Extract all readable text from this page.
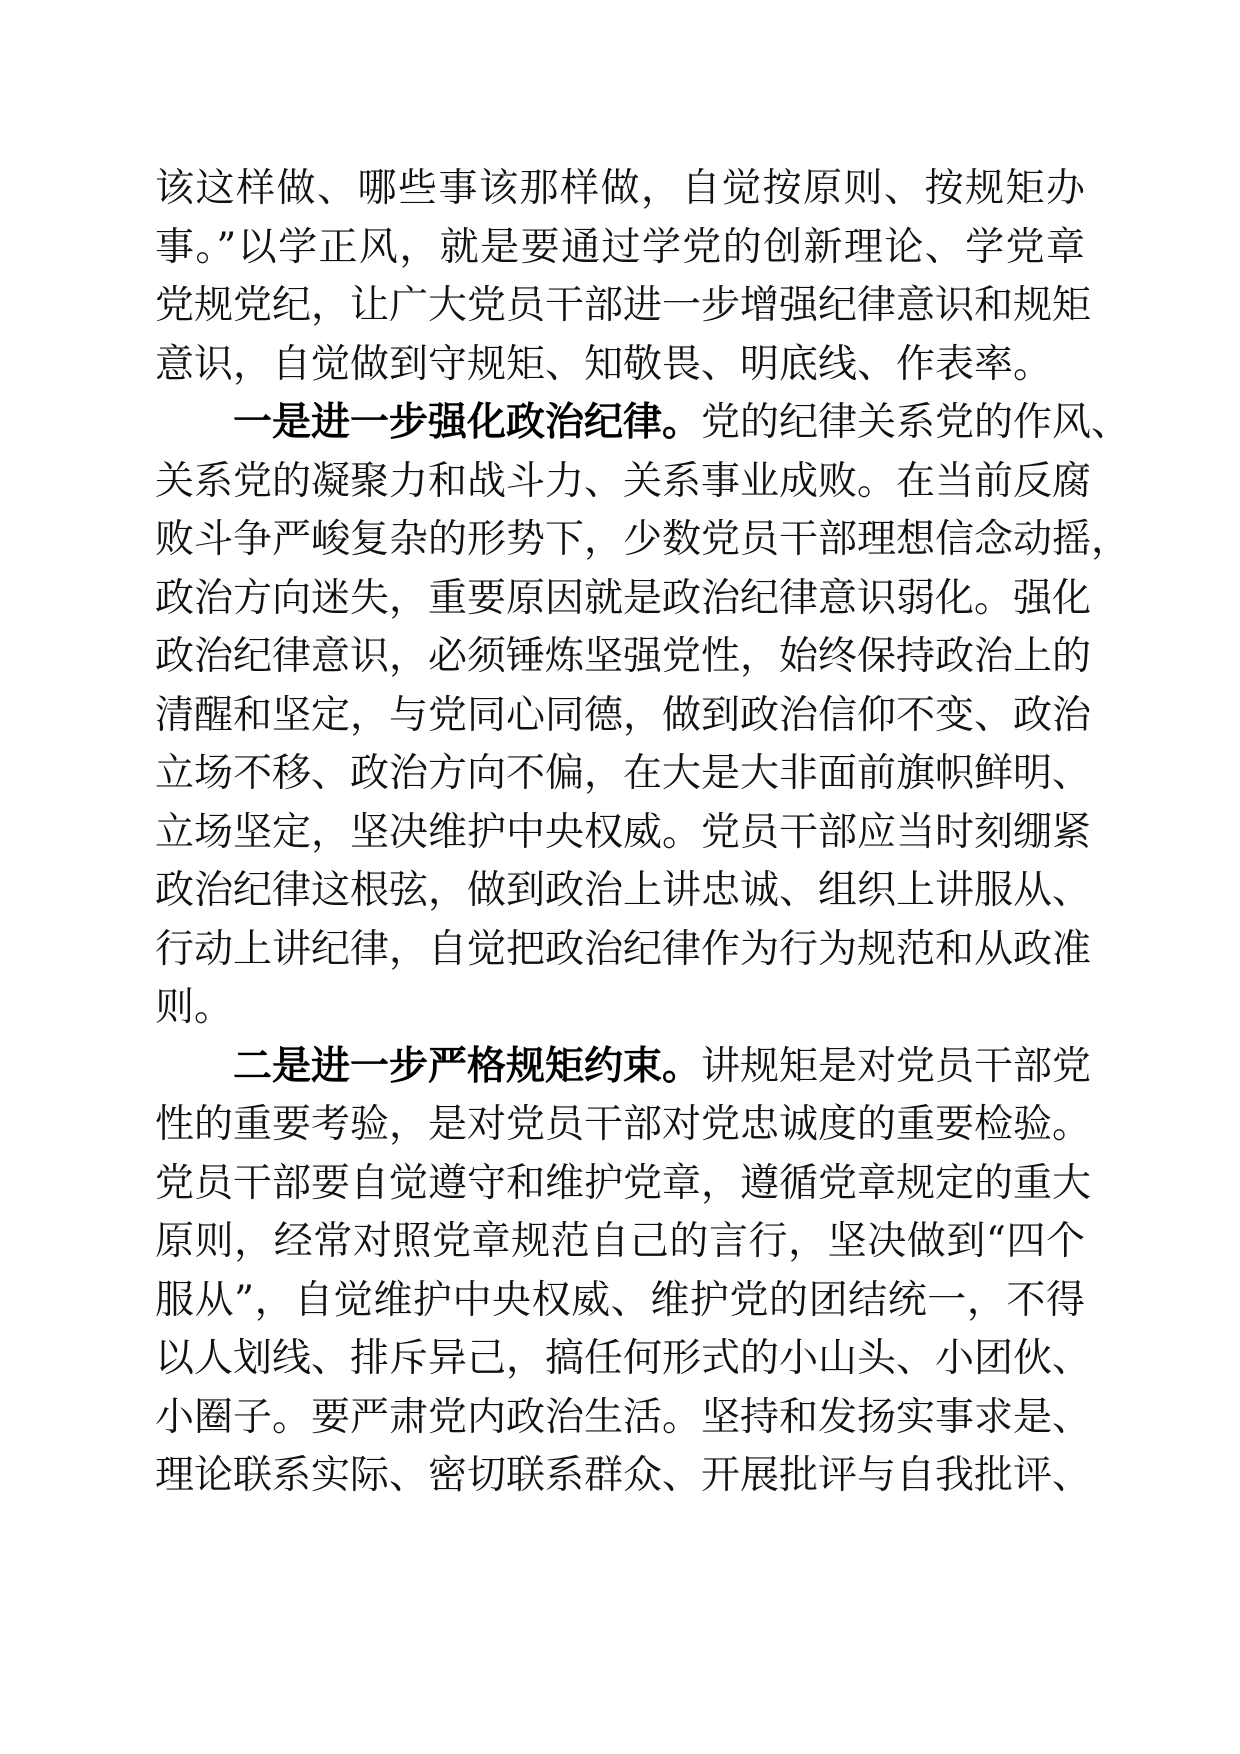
该这样做、哪些事该那样做，自觉按原则、按规矩办
事。”以学正风，就是要通过学党的创新理论、学党章
党规党纪，让广大党员干部进一步增强纪律意识和规矩
意识，自觉做到守规矩、知敬畏、明底线、作表率。
一是进一步强化政治纪律。党的纪律关系党的作风、
关系党的凝聚力和战斗力、关系事业成败。在当前反腐
败斗争严峻复杂的形势下，少数党员干部理想信念动摇，
政治方向迷失，重要原因就是政治纪律意识弱化。强化
政治纪律意识，必须锤炼坚强党性，始终保持政治上的
清醒和坚定，与党同心同德，做到政治信仰不变、政治
立场不移、政治方向不偏，在大是大非面前旗帜鲜明、
立场坚定，坚决维护中央权威。党员干部应当时刻绷紧
政治纪律这根弦，做到政治上讲忠诚、组织上讲服从、
行动上讲纪律，自觉把政治纪律作为行为规范和从政准
则。
二是进一步严格规矩约束。讲规矩是对党员干部党
性的重要考验，是对党员干部对党忠诚度的重要检验。
党员干部要自觉遵守和维护党章，遵循党章规定的重大
原则，经常对照党章规范自己的言行，坚决做到“四个
服从”，自觉维护中央权威、维护党的团结统一，不得
以人划线、排斥异己，搞任何形式的小山头、小团伙、
小圈子。要严肃党内政治生活。坚持和发扬实事求是、
理论联系实际、密切联系群众、开展批评与自我批评、
